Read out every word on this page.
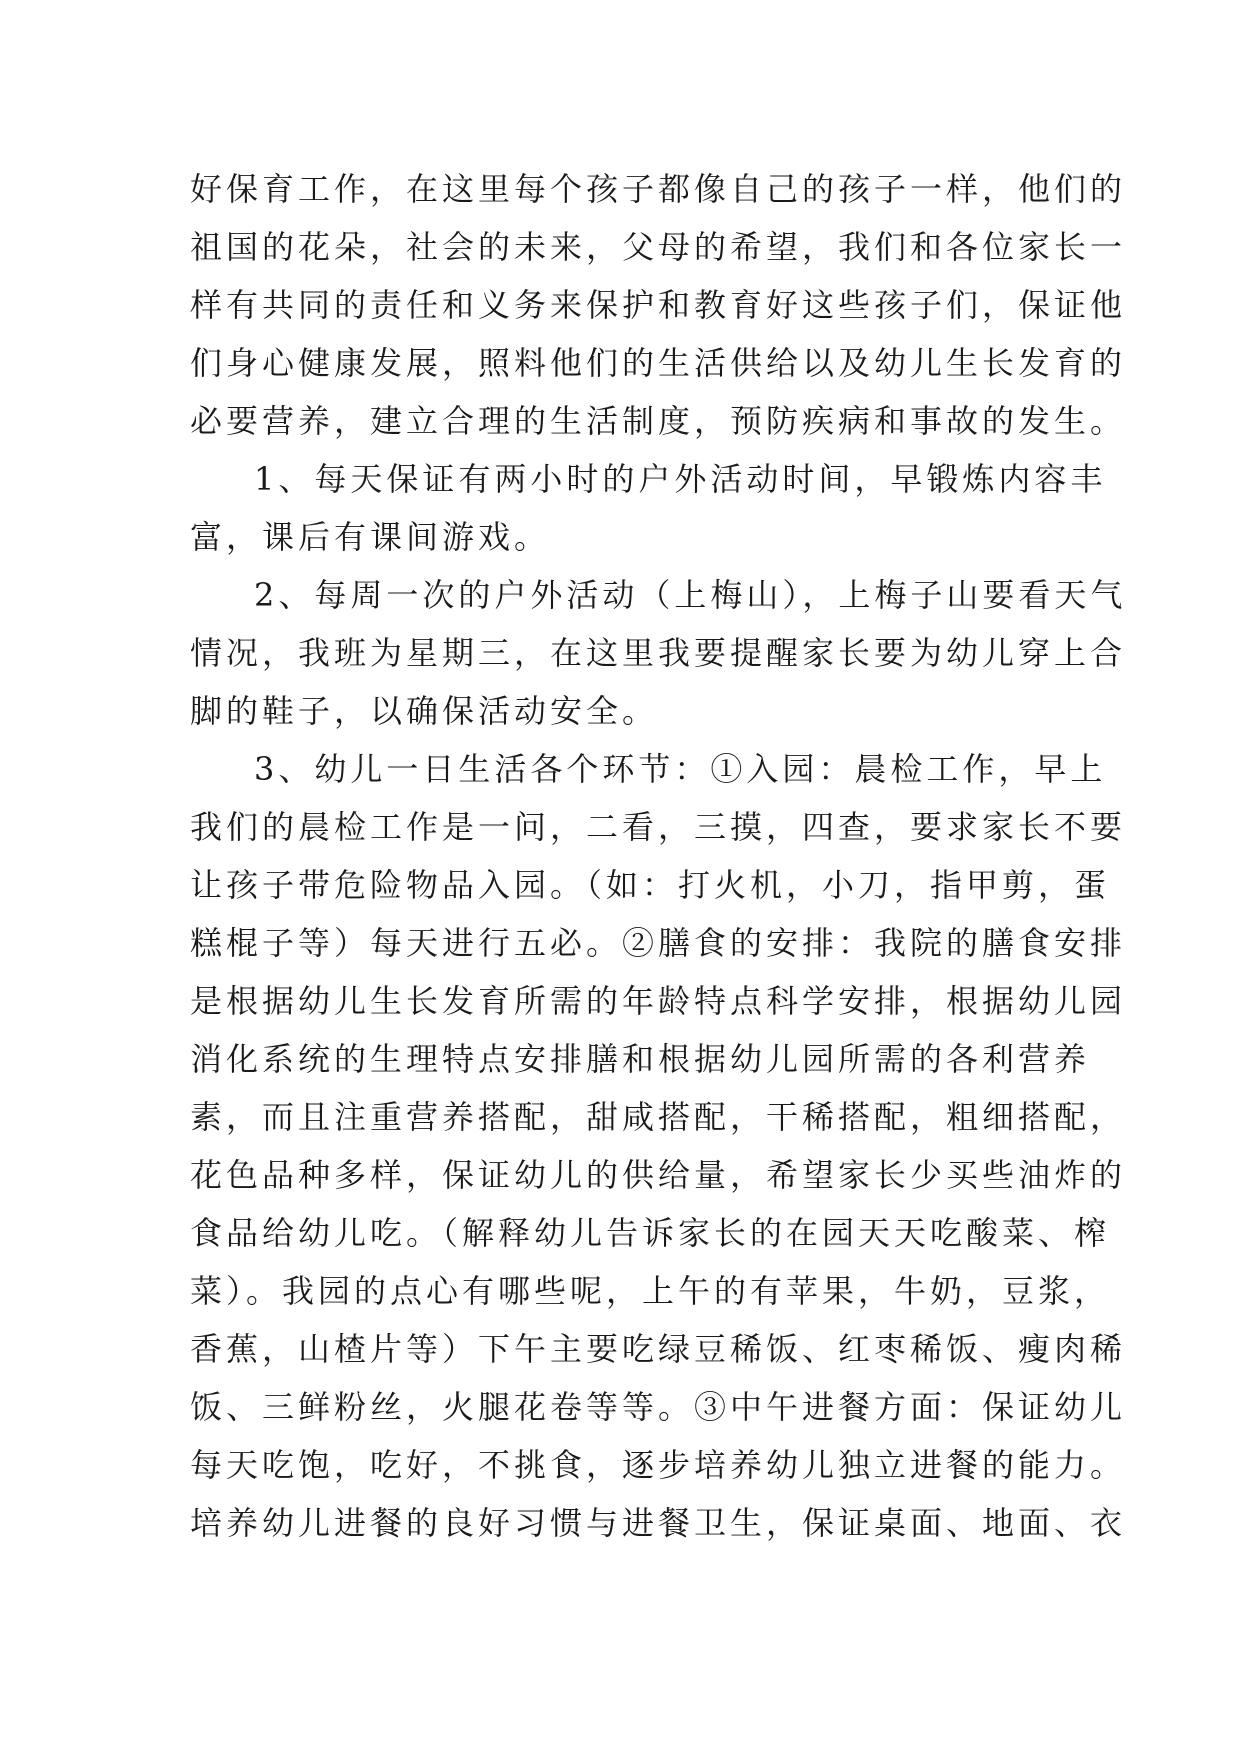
好保育工作，在这里每个孩子都像自己的孩子一样，他们的
祖国的花朵，社会的未来，父母的希望，我们和各位家长一
样有共同的责任和义务来保护和教育好这些孩子们，保证他
们身心健康发展，照料他们的生活供给以及幼儿生长发育的
必要营养，建立合理的生活制度，预防疾病和事故的发生。
1、每天保证有两小时的户外活动时间，早锻炼内容丰
富，课后有课间游戏。
2、每周一次的户外活动（上梅山），上梅子山要看天气
情况，我班为星期三，在这里我要提醒家长要为幼儿穿上合
脚的鞋子，以确保活动安全。
3、幼儿一日生活各个环节：①入园：晨检工作，早上
我们的晨检工作是一问，二看，三摸，四查，要求家长不要
让孩子带危险物品入园。（如：打火机，小刀，指甲剪，蛋
糕棍子等）每天进行五必。②膳食的安排：我院的膳食安排
是根据幼儿生长发育所需的年龄特点科学安排，根据幼儿园
消化系统的生理特点安排膳和根据幼儿园所需的各利营养
素，而且注重营养搭配，甜咸搭配，干稀搭配，粗细搭配，
花色品种多样，保证幼儿的供给量，希望家长少买些油炸的
食品给幼儿吃。（解释幼儿告诉家长的在园天天吃酸菜、榨
菜）。我园的点心有哪些呢，上午的有苹果，牛奶，豆浆，
香蕉，山楂片等）下午主要吃绿豆稀饭、红枣稀饭、瘦肉稀
饭、三鲜粉丝，火腿花卷等等。③中午进餐方面：保证幼儿
每天吃饱，吃好，不挑食，逐步培养幼儿独立进餐的能力。
培养幼儿进餐的良好习惯与进餐卫生，保证桌面、地面、衣
